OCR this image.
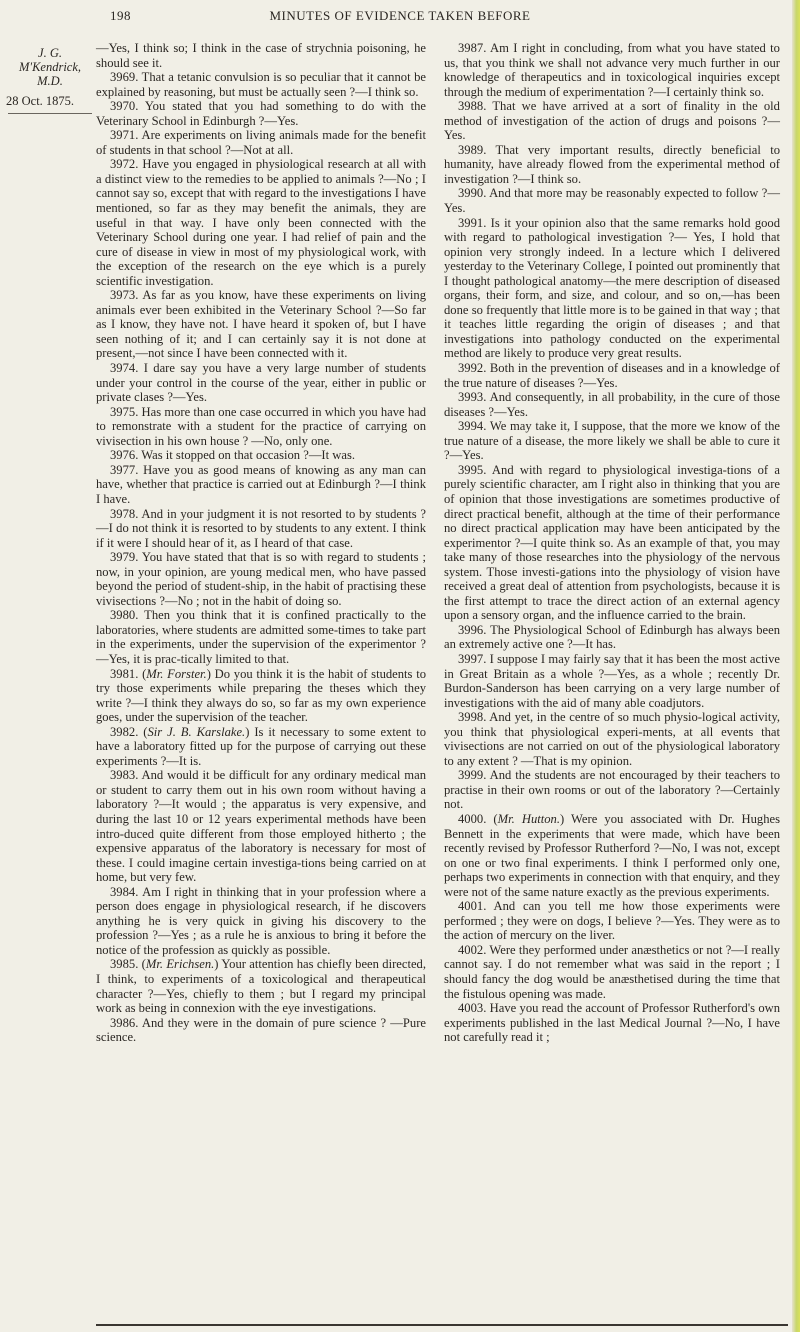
198	MINUTES OF EVIDENCE TAKEN BEFORE
J. G.
M'Kendrick,
M.D.
28 Oct. 1875.

—Yes, I think so; I think in the case of strychnia poisoning, he should see it.

3969. That a tetanic convulsion is so peculiar that it cannot be explained by reasoning, but must be actually seen ?—I think so.

3970. You stated that you had something to do with the Veterinary School in Edinburgh ?—Yes.

3971. Are experiments on living animals made for the benefit of students in that school ?—Not at all.

3972. Have you engaged in physiological research at all with a distinct view to the remedies to be applied to animals ?—No ; I cannot say so, except that with regard to the investigations I have mentioned, so far as they may benefit the animals, they are useful in that way. I have only been connected with the Veterinary School during one year. I had relief of pain and the cure of disease in view in most of my physiological work, with the exception of the research on the eye which is a purely scientific investigation.

3973. As far as you know, have these experiments on living animals ever been exhibited in the Veterinary School ?—So far as I know, they have not. I have heard it spoken of, but I have seen nothing of it; and I can certainly say it is not done at present,—not since I have been connected with it.

3974. I dare say you have a very large number of students under your control in the course of the year, either in public or private clases ?—Yes.

3975. Has more than one case occurred in which you have had to remonstrate with a student for the practice of carrying on vivisection in his own house ? —No, only one.

3976. Was it stopped on that occasion ?—It was.

3977. Have you as good means of knowing as any man can have, whether that practice is carried out at Edinburgh ?—I think I have.

3978. And in your judgment it is not resorted to by students ?—I do not think it is resorted to by students to any extent. I think if it were I should hear of it, as I heard of that case.

3979. You have stated that that is so with regard to students ; now, in your opinion, are young medical men, who have passed beyond the period of student-ship, in the habit of practising these vivisections ?—No ; not in the habit of doing so.

3980. Then you think that it is confined practically to the laboratories, where students are admitted some-times to take part in the experiments, under the supervision of the experimentor ?—Yes, it is prac-tically limited to that.

3981. (Mr. Forster.) Do you think it is the habit of students to try those experiments while preparing the theses which they write ?—I think they always do so, so far as my own experience goes, under the supervision of the teacher.

3982. (Sir J. B. Karslake.) Is it necessary to some extent to have a laboratory fitted up for the purpose of carrying out these experiments ?—It is.

3983. And would it be difficult for any ordinary medical man or student to carry them out in his own room without having a laboratory ?—It would ; the apparatus is very expensive, and during the last 10 or 12 years experimental methods have been intro-duced quite different from those employed hitherto ; the expensive apparatus of the laboratory is necessary for most of these. I could imagine certain investiga-tions being carried on at home, but very few.

3984. Am I right in thinking that in your profession where a person does engage in physiological research, if he discovers anything he is very quick in giving his discovery to the profession ?—Yes ; as a rule he is anxious to bring it before the notice of the profession as quickly as possible.

3985. (Mr. Erichsen.) Your attention has chiefly been directed, I think, to experiments of a toxicological and therapeutical character ?—Yes, chiefly to them ; but I regard my principal work as being in connexion with the eye investigations.

3986. And they were in the domain of pure science ? —Pure science.

3987. Am I right in concluding, from what you have stated to us, that you think we shall not advance very much further in our knowledge of therapeutics and in toxicological inquiries except through the medium of experimentation ?—I certainly think so.

3988. That we have arrived at a sort of finality in the old method of investigation of the action of drugs and poisons ?—Yes.

3989. That very important results, directly beneficial to humanity, have already flowed from the experimental method of investigation ?—I think so.

3990. And that more may be reasonably expected to follow ?—Yes.

3991. Is it your opinion also that the same remarks hold good with regard to pathological investigation ?— Yes, I hold that opinion very strongly indeed. In a lecture which I delivered yesterday to the Veterinary College, I pointed out prominently that I thought pathological anatomy—the mere description of diseased organs, their form, and size, and colour, and so on,—has been done so frequently that little more is to be gained in that way ; that it teaches little regarding the origin of diseases ; and that investigations into pathology conducted on the experimental method are likely to produce very great results.

3992. Both in the prevention of diseases and in a knowledge of the true nature of diseases ?—Yes.

3993. And consequently, in all probability, in the cure of those diseases ?—Yes.

3994. We may take it, I suppose, that the more we know of the true nature of a disease, the more likely we shall be able to cure it ?—Yes.

3995. And with regard to physiological investiga-tions of a purely scientific character, am I right also in thinking that you are of opinion that those investigations are sometimes productive of direct practical benefit, although at the time of their performance no direct practical application may have been anticipated by the experimentor ?—I quite think so. As an example of that, you may take many of those researches into the physiology of the nervous system. Those investi-gations into the physiology of vision have received a great deal of attention from psychologists, because it is the first attempt to trace the direct action of an external agency upon a sensory organ, and the influence carried to the brain.

3996. The Physiological School of Edinburgh has always been an extremely active one ?—It has.

3997. I suppose I may fairly say that it has been the most active in Great Britain as a whole ?—Yes, as a whole ; recently Dr. Burdon-Sanderson has been carrying on a very large number of investigations with the aid of many able coadjutors.

3998. And yet, in the centre of so much physio-logical activity, you think that physiological experi-ments, at all events that vivisections are not carried on out of the physiological laboratory to any extent ? —That is my opinion.

3999. And the students are not encouraged by their teachers to practise in their own rooms or out of the laboratory ?—Certainly not.

4000. (Mr. Hutton.) Were you associated with Dr. Hughes Bennett in the experiments that were made, which have been recently revised by Professor Rutherford ?—No, I was not, except on one or two final experiments. I think I performed only one, perhaps two experiments in connection with that enquiry, and they were not of the same nature exactly as the previous experiments.

4001. And can you tell me how those experiments were performed ; they were on dogs, I believe ?—Yes. They were as to the action of mercury on the liver.

4002. Were they performed under anæsthetics or not ?—I really cannot say. I do not remember what was said in the report ; I should fancy the dog would be anæsthetised during the time that the fistulous opening was made.

4003. Have you read the account of Professor Rutherford's own experiments published in the last Medical Journal ?—No, I have not carefully read it ;
